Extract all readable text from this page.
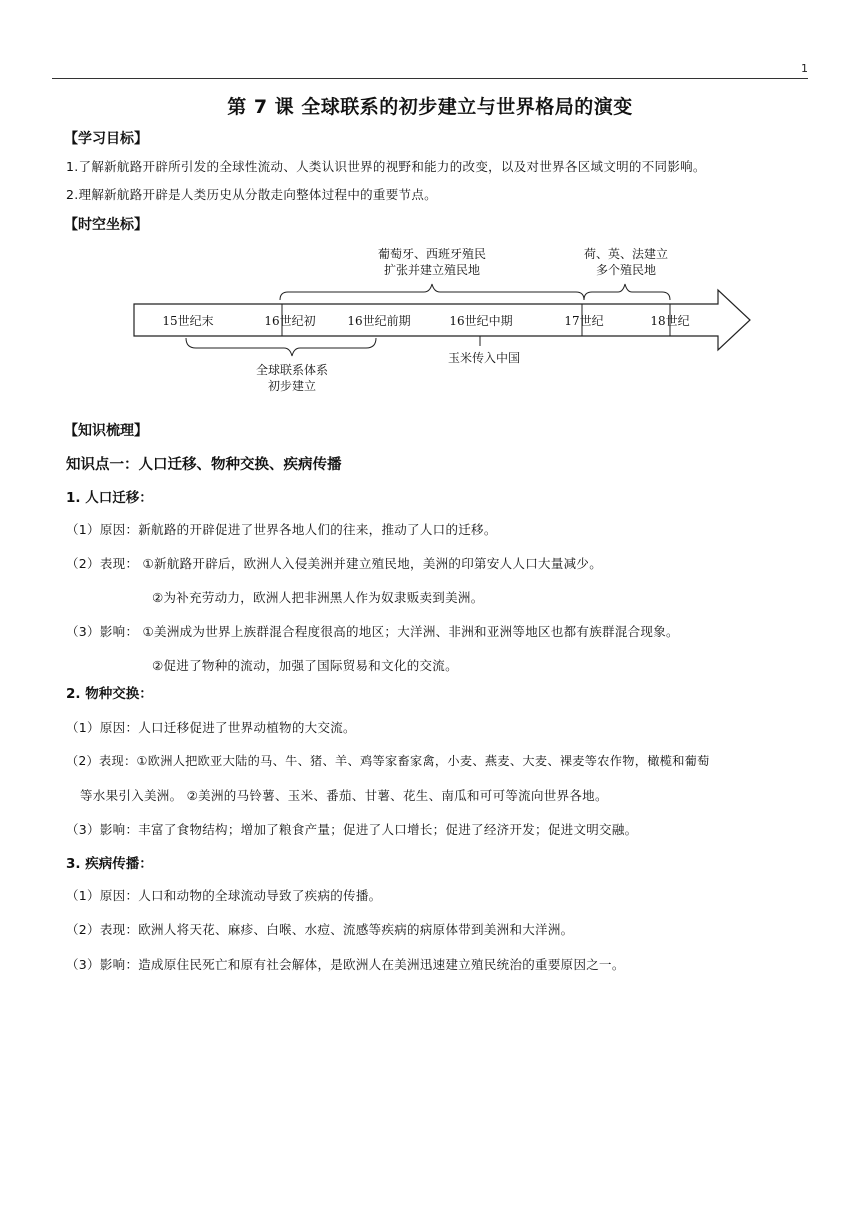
1
第 7 课 全球联系的初步建立与世界格局的演变
【学习目标】
1.了解新航路开辟所引发的全球性流动、人类认识世界的视野和能力的改变，以及对世界各区域文明的不同影响。
2.理解新航路开辟是人类历史从分散走向整体过程中的重要节点。
【时空坐标】
15世纪末	16世纪初	16世纪前期	16世纪中期	17世纪	18世纪
葡萄牙、西班牙殖民
扩张并建立殖民地
荷、英、法建立
多个殖民地
全球联系体系
初步建立
玉米传入中国
【知识梳理】
知识点一：人口迁移、物种交换、疾病传播
1. 人口迁移：
（1）原因：新航路的开辟促进了世界各地人们的往来，推动了人口的迁移。
（2）表现： ①新航路开辟后，欧洲人入侵美洲并建立殖民地，美洲的印第安人人口大量减少。
②为补充劳动力，欧洲人把非洲黑人作为奴隶贩卖到美洲。
（3）影响： ①美洲成为世界上族群混合程度很高的地区；大洋洲、非洲和亚洲等地区也都有族群混合现象。
②促进了物种的流动，加强了国际贸易和文化的交流。
2. 物种交换：
（1）原因：人口迁移促进了世界动植物的大交流。
（2）表现：①欧洲人把欧亚大陆的马、牛、猪、羊、鸡等家畜家禽，小麦、燕麦、大麦、裸麦等农作物，橄榄和葡萄
等水果引入美洲。 ②美洲的马铃薯、玉米、番茄、甘薯、花生、南瓜和可可等流向世界各地。
（3）影响：丰富了食物结构；增加了粮食产量；促进了人口增长；促进了经济开发；促进文明交融。
3. 疾病传播：
（1）原因：人口和动物的全球流动导致了疾病的传播。
（2）表现：欧洲人将天花、麻疹、白喉、水痘、流感等疾病的病原体带到美洲和大洋洲。
（3）影响：造成原住民死亡和原有社会解体，是欧洲人在美洲迅速建立殖民统治的重要原因之一。
